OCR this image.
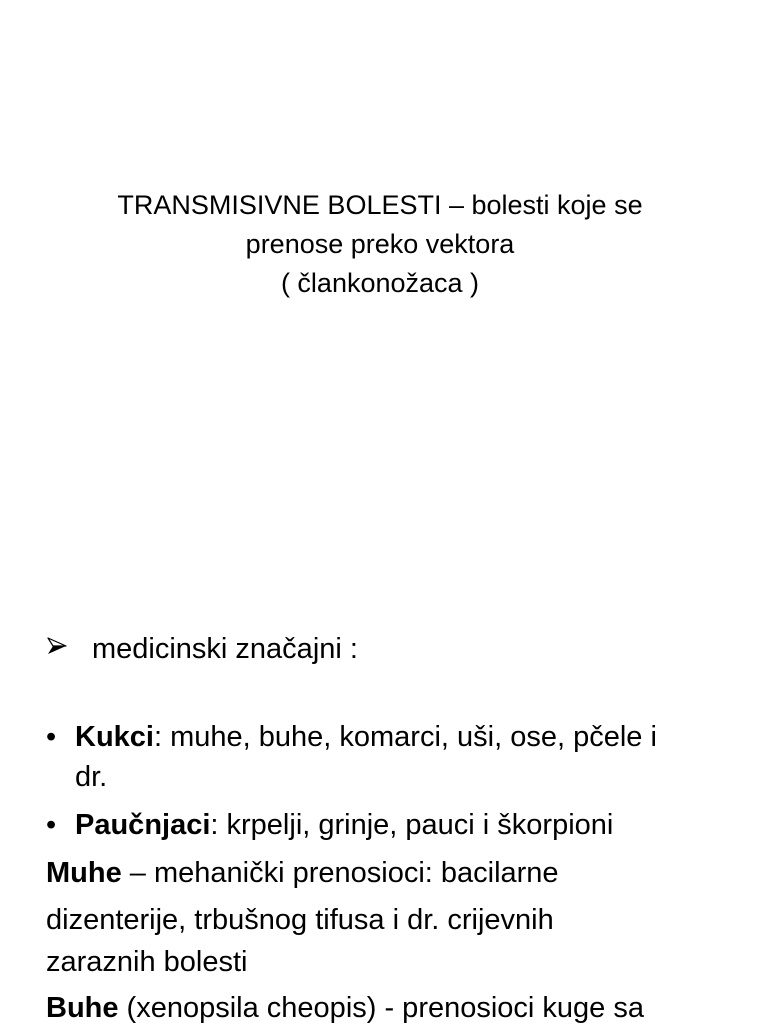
TRANSMISIVNE BOLESTI – bolesti koje se
prenose preko vektora
( člankonožaca )
medicinski značajni :
• Kukci: muhe, buhe, komarci, uši, ose, pčele i
dr.
• Paučnjaci: krpelji, grinje, pauci i škorpioni
Muhe – mehanički prenosioci: bacilarne
dizenterije, trbušnog tifusa i dr. crijevnih
zaraznih bolesti
Buhe (xenopsila cheopis) - prenosioci kuge sa
